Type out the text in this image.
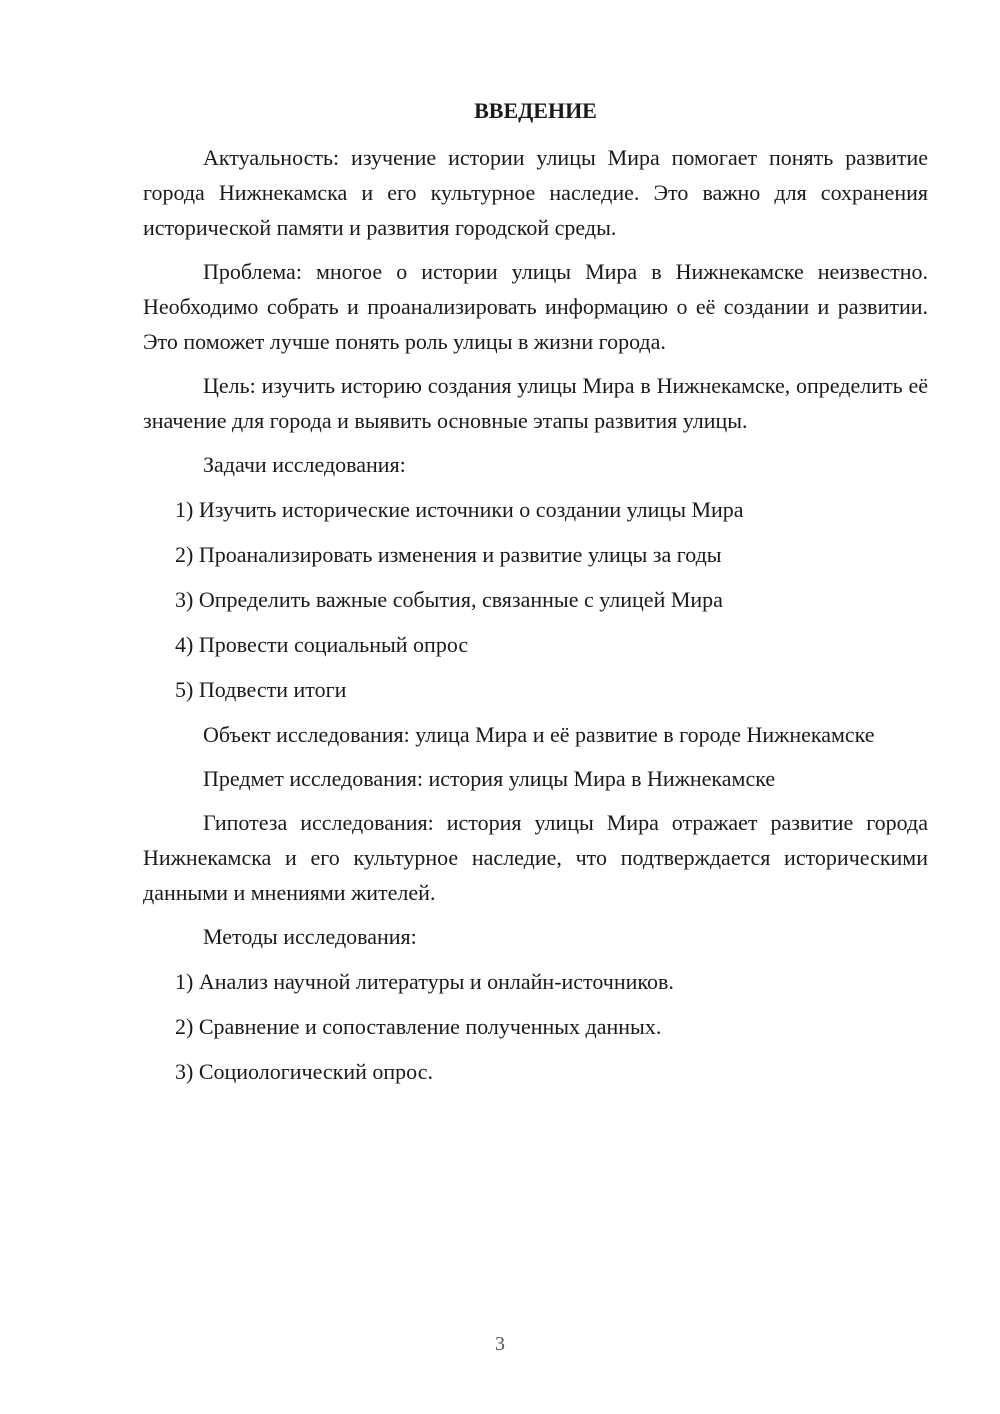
ВВЕДЕНИЕ

Актуальность: изучение истории улицы Мира помогает понять развитие города Нижнекамска и его культурное наследие. Это важно для сохранения исторической памяти и развития городской среды.

Проблема: многое о истории улицы Мира в Нижнекамске неизвестно. Необходимо собрать и проанализировать информацию о её создании и развитии. Это поможет лучше понять роль улицы в жизни города.

Цель: изучить историю создания улицы Мира в Нижнекамске, определить её значение для города и выявить основные этапы развития улицы.

Задачи исследования:

1) Изучить исторические источники о создании улицы Мира
2) Проанализировать изменения и развитие улицы за годы
3) Определить важные события, связанные с улицей Мира
4) Провести социальный опрос
5) Подвести итоги

Объект исследования: улица Мира и её развитие в городе Нижнекамске

Предмет исследования: история улицы Мира в Нижнекамске

Гипотеза исследования: история улицы Мира отражает развитие города Нижнекамска и его культурное наследие, что подтверждается историческими данными и мнениями жителей.

Методы исследования:

1) Анализ научной литературы и онлайн-источников.
2) Сравнение и сопоставление полученных данных.
3) Социологический опрос.
3
